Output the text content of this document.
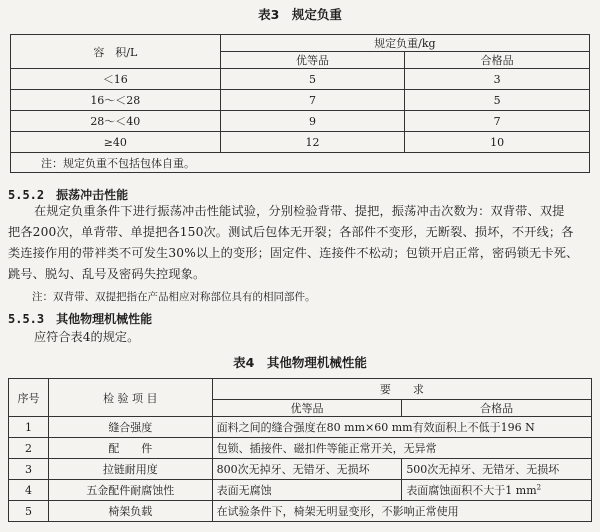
表3　规定负重
容　积/L	规定负重/kg	
	优等品	合格品
＜16	5	3
16～＜28	7	5
28～＜40	9	7
≥40	12	10
注：规定负重不包括包体自重。		
5.5.2 振荡冲击性能

在规定负重条件下进行振荡冲击性能试验，分别检验背带、提把，振荡冲击次数为：双背带、双提

把各200次，单背带、单提把各150次。测试后包体无开裂；各部件不变形，无断裂、损坏，不开线；各

类连接作用的带袢类不可发生30%以上的变形；固定件、连接件不松动；包锁开启正常，密码锁无卡死、

跳号、脱勾、乱号及密码失控现象。

注：双背带、双提把指在产品相应对称部位具有的相同部件。
5.5.3 其他物理机械性能
应符合表4的规定。
表4　其他物理机械性能
序号	检 验 项 目	要　　求	
		优等品	合格品
1	缝合强度	面料之间的缝合强度在80 mm×60 mm有效面积上不低于196 N	
2	配　　件	包锁、插接件、磁扣件等能正常开关，无异常	
3	拉链耐用度	800次无掉牙、无错牙、无损坏	500次无掉牙、无错牙、无损坏
4	五金配件耐腐蚀性	表面无腐蚀	表面腐蚀面积不大于1 $mm^2$
5	椅架负载	在试验条件下，椅架无明显变形，不影响正常使用	
